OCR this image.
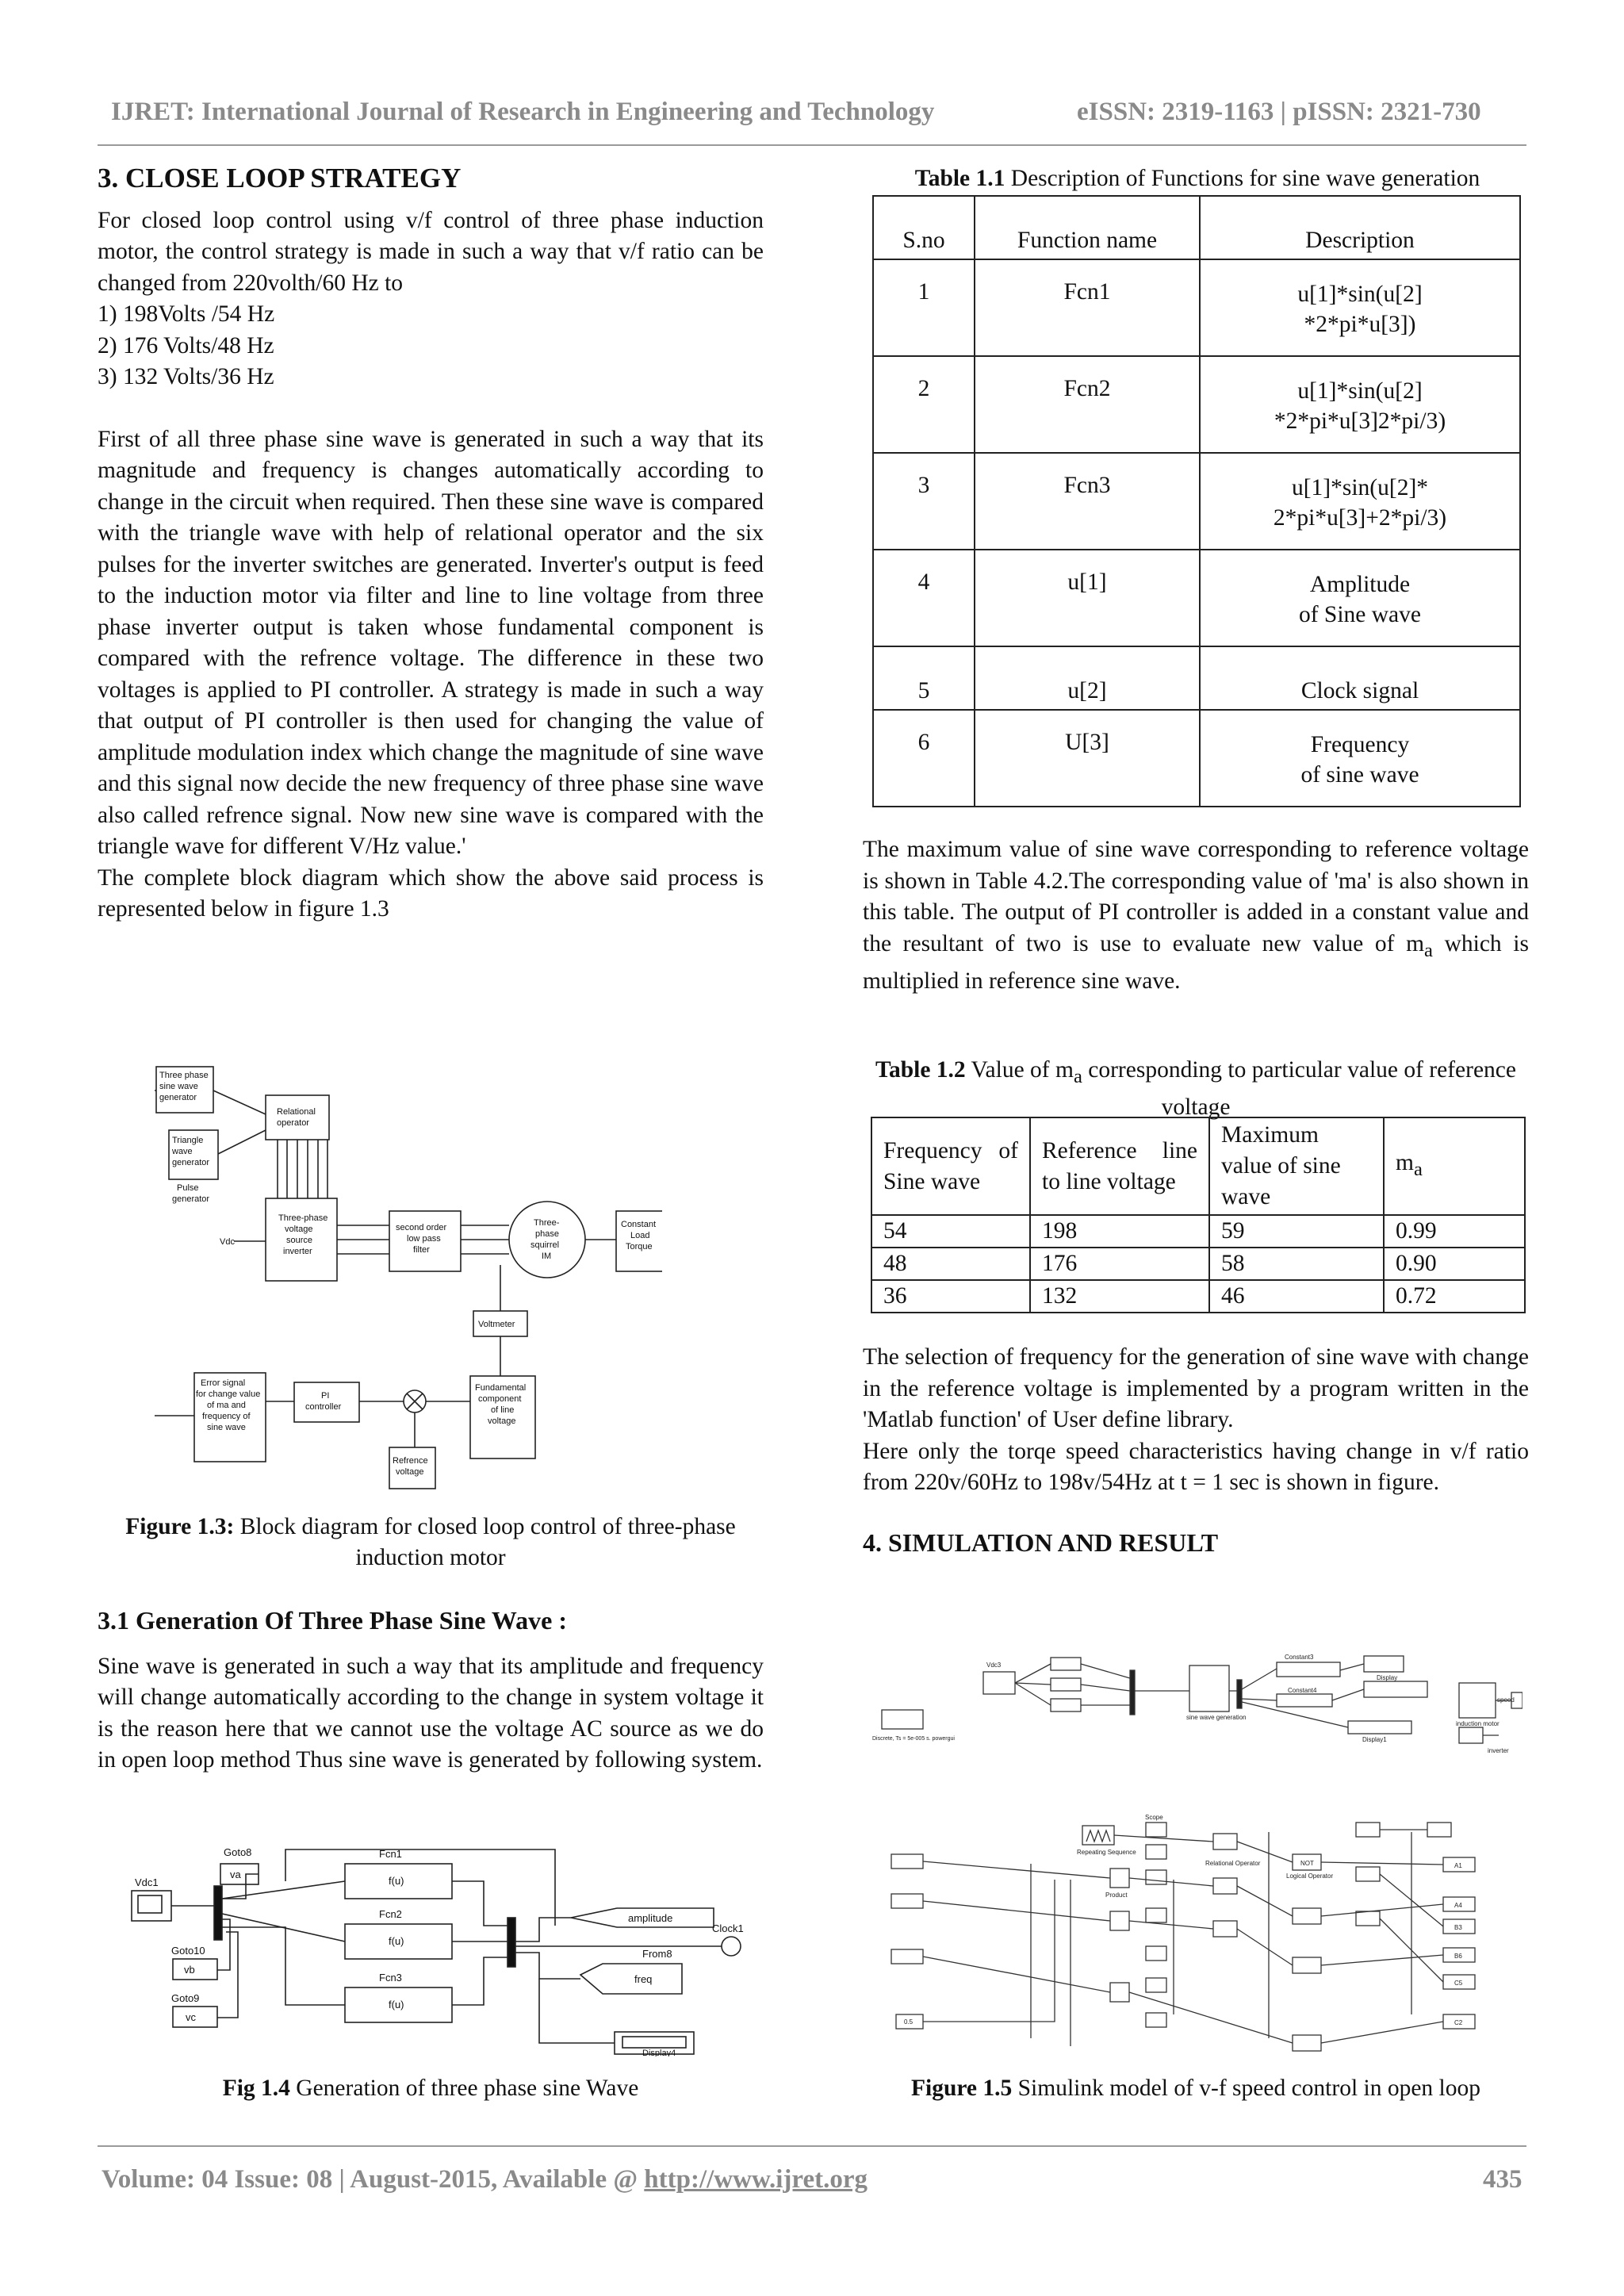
IJRET: International Journal of Research in Engineering and Technology	eISSN: 2319-1163 | pISSN: 2321-730
3. CLOSE LOOP STRATEGY

For closed loop control using v/f control of three phase induction motor, the control strategy is made in such a way that v/f ratio can be changed from 220volth/60 Hz to

1) 198Volts /54 Hz

2) 176 Volts/48 Hz

3) 132 Volts/36 Hz

First of all three phase sine wave is generated in such a way that its magnitude and frequency is changes automatically according to change in the circuit when required. Then these sine wave is compared with the triangle wave with help of relational operator and the six pulses for the inverter switches are generated. Inverter's output is feed to the induction motor via filter and line to line voltage from three phase inverter output is taken whose fundamental component is compared with the refrence voltage. The difference in these two voltages is applied to PI controller. A strategy is made in such a way that output of PI controller is then used for changing the value of amplitude modulation index which change the magnitude of sine wave and this signal now decide the new frequency of three phase sine wave also called refrence signal. Now new sine wave is compared with the triangle wave for different V/Hz value.'

The complete block diagram which show the above said process is represented below in figure 1.3

Three phase
sine wave
generator
Relational
operator
Triangle
wave
generator
Pulse
generator
Vdc
Three-phase
voltage
source
inverter
second order
low pass
filter
Three-
phase
squirrel
IM
Constant
Load
Torque
Voltmeter
Error signal
for change value
of ma and
frequency of
sine wave
PI
controller
Fundamental
component
of line
voltage
Refrence
voltage
Figure 1.3: Block diagram for closed loop control of three-phase induction motor
3.1 Generation Of Three Phase Sine Wave :

Sine wave is generated in such a way that its amplitude and frequency will change automatically according to the change in system voltage it is the reason here that we cannot use the voltage AC source as we do in open loop method Thus sine wave is generated by following system.

Goto8
va
Fcn1
f(u)
Vdc1
Fcn2
f(u)
amplitude
Goto10
vb
Clock1
Fcn3
f(u)
From8
Goto9
vc
freq
Display4
Fig 1.4 Generation of three phase sine Wave
Table 1.1 Description of Functions for sine wave generation
S.no	Function name	Description
1	Fcn1	u[1]*sin(u[2]
*2*pi*u[3])

2	Fcn2	u[1]*sin(u[2]
*2*pi*u[3]2*pi/3)

3	Fcn3	u[1]*sin(u[2]*
2*pi*u[3]+2*pi/3)

4	u[1]	Amplitude
of Sine wave

5	u[2]	Clock signal
6	U[3]	Frequency
of sine wave

The maximum value of sine wave corresponding to reference voltage is shown in Table 4.2.The corresponding value of 'ma' is also shown in this table. The output of PI controller is added in a constant value and the resultant of two is use to evaluate new value of $m_a$ which is multiplied in reference sine wave.

Table 1.2 Value of $m_a$ corresponding to particular value of reference voltage
Frequency of Sine wave	Reference line to line voltage	Maximum value of sine wave	$m_a$
54	198	59	0.99
48	176	58	0.90
36	132	46	0.72

The selection of frequency for the generation of sine wave with change in the reference voltage is implemented by a program written in the 'Matlab function' of User define library.

Here only the torqe speed characteristics having change in v/f ratio from 220v/60Hz to 198v/54Hz at t = 1 sec is shown in figure.

4. SIMULATION AND RESULT
Vdc3
sine wave generation
Constant3
Display
Constant4
Display1
Discrete, Ts = 5e-005 s. powergui
induction motor
speed
inverter
Repeating Sequence
Relational Operator	NOT
Logical Operator
Product
Scope
0.5
A1
A4
B3
B6
C5
C2
Figure 1.5 Simulink model of v-f speed control in open loop
Volume: 04 Issue: 08 | August-2015, Available @ http://www.ijret.org	435
